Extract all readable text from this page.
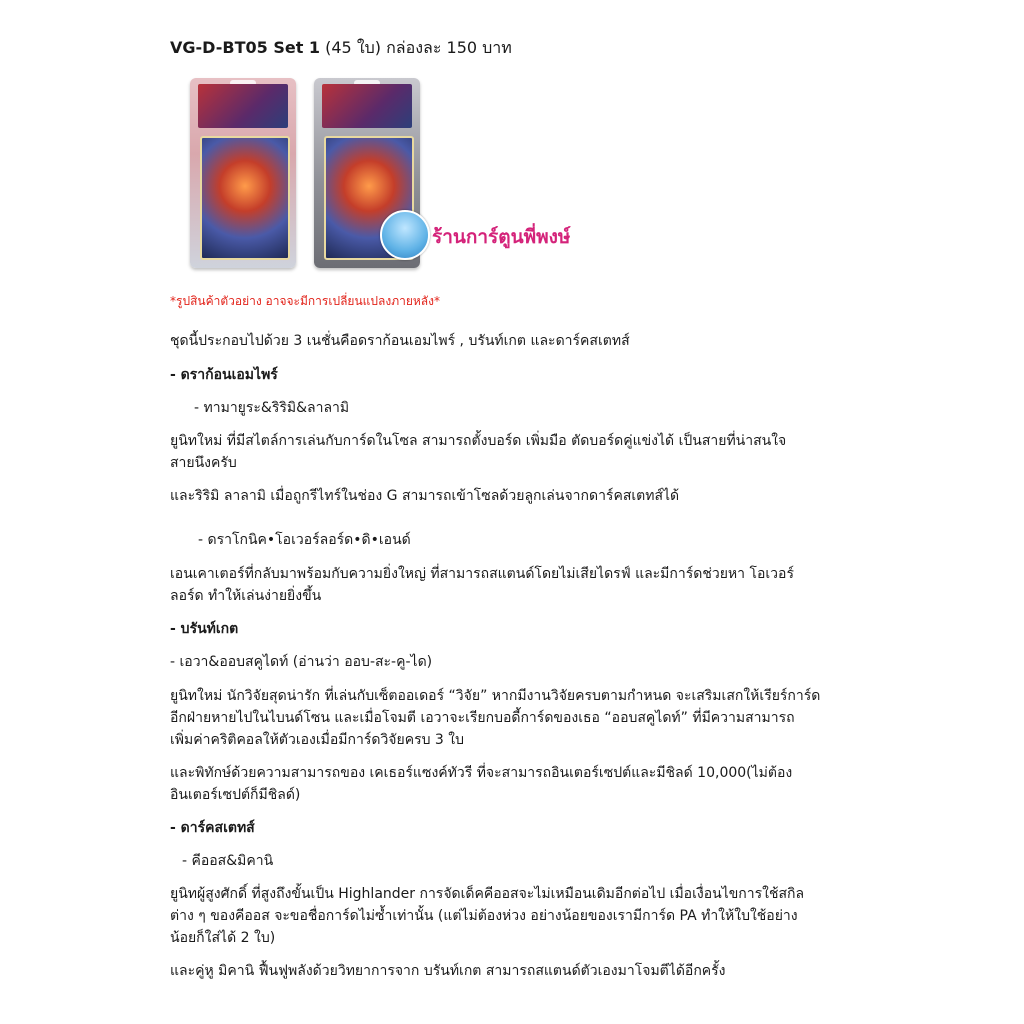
VG-D-BT05 Set 1 (45 ใบ) กล่องละ 150 บาท
ร้านการ์ตูนพี่พงษ์
*รูปสินค้าตัวอย่าง อาจจะมีการเปลี่ยนแปลงภายหลัง*
ชุดนี้ประกอบไปด้วย 3 เนชั่นคือดราก้อนเอมไพร์ , บรันท์เกต และดาร์คสเตทส์
- ดราก้อนเอมไพร์
- ทามายูระ&ริริมิ&ลาลามิ
ยูนิทใหม่ ที่มีสไตล์การเล่นกับการ์ดในโซล สามารถตั้งบอร์ด เพิ่มมือ ตัดบอร์ดคู่แข่งได้ เป็นสายที่น่าสนใจ
สายนึงครับ
และริริมิ ลาลามิ เมื่อถูกรีไทร์ในช่อง G สามารถเข้าโซลด้วยลูกเล่นจากดาร์คสเตทส์ได้
- ดราโกนิค•โอเวอร์ลอร์ด•ดิ•เอนด์
เอนเคาเตอร์ที่กลับมาพร้อมกับความยิ่งใหญ่ ที่สามารถสแตนด์โดยไม่เสียไดรฟ์ และมีการ์ดช่วยหา โอเวอร์
ลอร์ด ทำให้เล่นง่ายยิ่งขึ้น
- บรันท์เกต
- เอวา&ออบสคูไดท์ (อ่านว่า ออบ-สะ-คู-ได)
ยูนิทใหม่ นักวิจัยสุดน่ารัก ที่เล่นกับเซ็ตออเดอร์ “วิจัย” หากมีงานวิจัยครบตามกำหนด จะเสริมเสกให้เรียร์การ์ด
อีกฝ่ายหายไปในไบนด์โซน และเมื่อโจมตี เอวาจะเรียกบอดี้การ์ดของเธอ “ออบสคูไดท์” ที่มีความสามารถ
เพิ่มค่าคริติคอลให้ตัวเองเมื่อมีการ์ดวิจัยครบ 3 ใบ
และพิทักษ์ด้วยความสามารถของ เคเธอร์แซงค์ทัวรี ที่จะสามารถอินเตอร์เซปต์และมีชิลด์ 10,000(ไม่ต้อง
อินเตอร์เซปต์ก็มีชิลด์)
- ดาร์คสเตทส์
- คีออส&มิคานิ
ยูนิทผู้สูงศักดิ์ ที่สูงถึงขั้นเป็น Highlander การจัดเด็คคีออสจะไม่เหมือนเดิมอีกต่อไป เมื่อเงื่อนไขการใช้สกิล
ต่าง ๆ ของคีออส จะขอชื่อการ์ดไม่ซ้ำเท่านั้น (แต่ไม่ต้องห่วง อย่างน้อยของเรามีการ์ด PA ทำให้ใบใช้อย่าง
น้อยก็ใส่ได้ 2 ใบ)
และคู่หู มิคานิ ฟื้นฟูพลังด้วยวิทยาการจาก บรันท์เกต สามารถสแตนด์ตัวเองมาโจมตีได้อีกครั้ง
